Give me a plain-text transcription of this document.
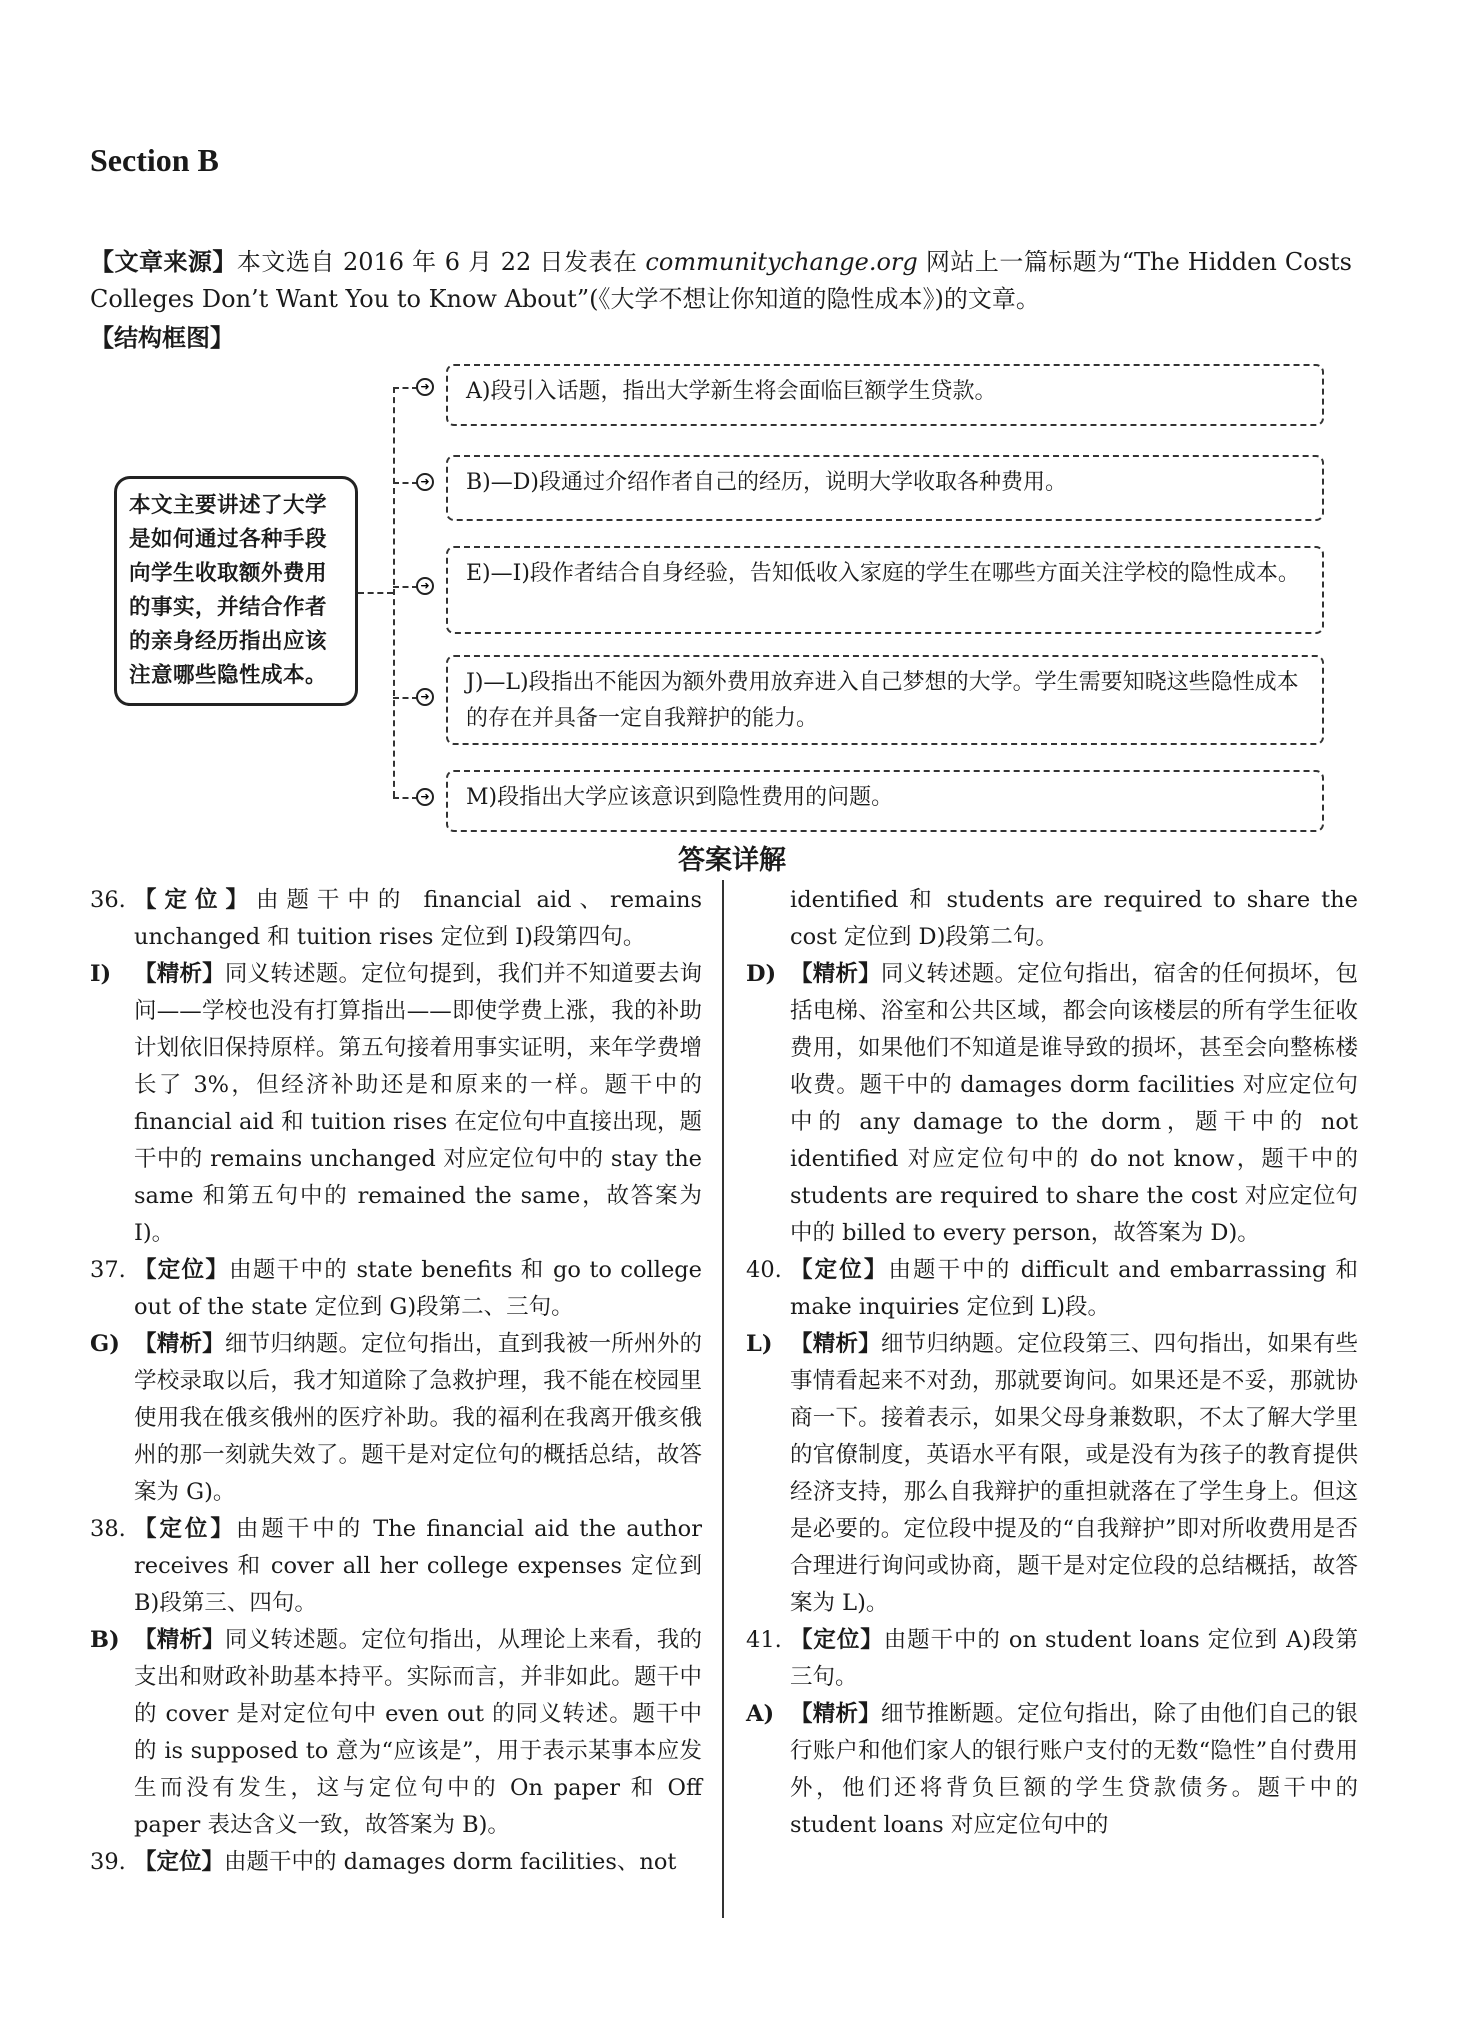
Section B
【文章来源】本文选自 2016 年 6 月 22 日发表在 communitychange.org 网站上一篇标题为“The Hidden Costs Colleges Don’t Want You to Know About”(《大学不想让你知道的隐性成本》)的文章。
【结构框图】
本文主要讲述了大学是如何通过各种手段向学生收取额外费用的事实，并结合作者的亲身经历指出应该注意哪些隐性成本。
➜	A)段引入话题，指出大学新生将会面临巨额学生贷款。
➜	B)—D)段通过介绍作者自己的经历，说明大学收取各种费用。
➜	E)—I)段作者结合自身经验，告知低收入家庭的学生在哪些方面关注学校的隐性成本。
➜
J)—L)段指出不能因为额外费用放弃进入自己梦想的大学。学生需要知晓这些隐性成本的存在并具备一定自我辩护的能力。
➜	M)段指出大学应该意识到隐性费用的问题。
答案详解
36. 【定位】由题干中的 financial aid、remains unchanged 和 tuition rises 定位到 I)段第四句。
I) 【精析】同义转述题。定位句提到，我们并不知道要去询问——学校也没有打算指出——即使学费上涨，我的补助计划依旧保持原样。第五句接着用事实证明，来年学费增长了 3%，但经济补助还是和原来的一样。题干中的 financial aid 和 tuition rises 在定位句中直接出现，题干中的 remains unchanged 对应定位句中的 stay the same 和第五句中的 remained the same，故答案为 I)。
37. 【定位】由题干中的 state benefits 和 go to college out of the state 定位到 G)段第二、三句。
G) 【精析】细节归纳题。定位句指出，直到我被一所州外的学校录取以后，我才知道除了急救护理，我不能在校园里使用我在俄亥俄州的医疗补助。我的福利在我离开俄亥俄州的那一刻就失效了。题干是对定位句的概括总结，故答案为 G)。
38. 【定位】由题干中的 The financial aid the author receives 和 cover all her college expenses 定位到 B)段第三、四句。
B) 【精析】同义转述题。定位句指出，从理论上来看，我的支出和财政补助基本持平。实际而言，并非如此。题干中的 cover 是对定位句中 even out 的同义转述。题干中的 is supposed to 意为“应该是”，用于表示某事本应发生而没有发生，这与定位句中的 On paper 和 Off paper 表达含义一致，故答案为 B)。
39. 【定位】由题干中的 damages dorm facilities、not
identified 和 students are required to share the cost 定位到 D)段第二句。
D) 【精析】同义转述题。定位句指出，宿舍的任何损坏，包括电梯、浴室和公共区域，都会向该楼层的所有学生征收费用，如果他们不知道是谁导致的损坏，甚至会向整栋楼收费。题干中的 damages dorm facilities 对应定位句中的 any damage to the dorm，题干中的 not identified 对应定位句中的 do not know，题干中的 students are required to share the cost 对应定位句中的 billed to every person，故答案为 D)。
40. 【定位】由题干中的 difficult and embarrassing 和 make inquiries 定位到 L)段。
L) 【精析】细节归纳题。定位段第三、四句指出，如果有些事情看起来不对劲，那就要询问。如果还是不妥，那就协商一下。接着表示，如果父母身兼数职，不太了解大学里的官僚制度，英语水平有限，或是没有为孩子的教育提供经济支持，那么自我辩护的重担就落在了学生身上。但这是必要的。定位段中提及的“自我辩护”即对所收费用是否合理进行询问或协商，题干是对定位段的总结概括，故答案为 L)。
41. 【定位】由题干中的 on student loans 定位到 A)段第三句。
A) 【精析】细节推断题。定位句指出，除了由他们自己的银行账户和他们家人的银行账户支付的无数“隐性”自付费用外，他们还将背负巨额的学生贷款债务。题干中的 student loans 对应定位句中的
